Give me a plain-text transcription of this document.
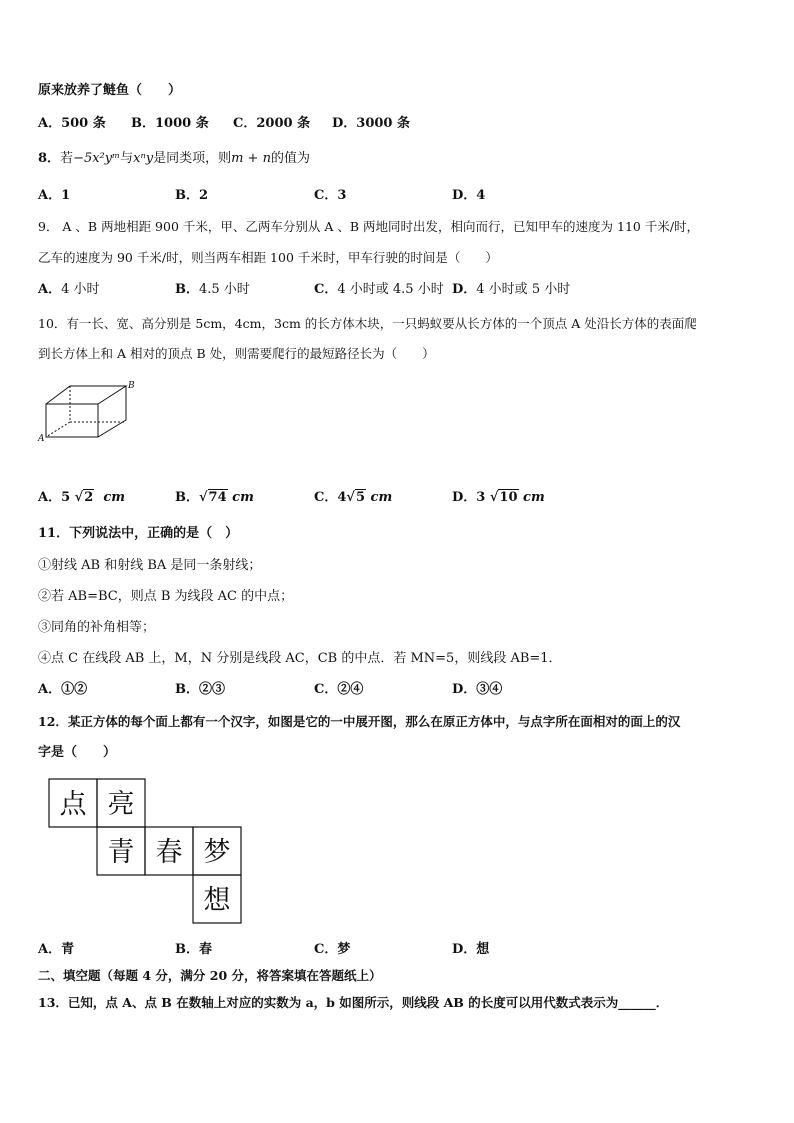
原来放养了鲢鱼（　　）
A．500 条 B．1000 条 C．2000 条 D．3000 条
8．若−5x²yᵐ与xⁿy是同类项，则m + n的值为
A．1	B．2	C．3	D．4
9． A 、B 两地相距 900 千米，甲、乙两车分别从 A 、B 两地同时出发，相向而行，已知甲车的速度为 110 千米/时，
乙车的速度为 90 千米/时，则当两车相距 100 千米时，甲车行驶的时间是（　　）
A．4 小时	B．4.5 小时	C．4 小时或 4.5 小时 D．4 小时或 5 小时
10．有一长、宽、高分别是 5cm，4cm，3cm 的长方体木块，一只蚂蚁要从长方体的一个顶点 A 处沿长方体的表面爬
到长方体上和 A 相对的顶点 B 处，则需要爬行的最短路径长为（　　）
A
B
A．5 √2 cm	B．√74 cm	C．4√5 cm	D．3 √10 cm
11．下列说法中，正确的是（　）
①射线 AB 和射线 BA 是同一条射线；
②若 AB=BC，则点 B 为线段 AC 的中点；
③同角的补角相等；
④点 C 在线段 AB 上，M，N 分别是线段 AC，CB 的中点．若 MN=5，则线段 AB=1．
A．①②	B．②③	C．②④	D．③④
12．某正方体的每个面上都有一个汉字，如图是它的一中展开图，那么在原正方体中，与点字所在面相对的面上的汉
字是（　　）
点 亮
青 春 梦
想
A．青	B．春	C．梦	D．想
二、填空题（每题 4 分，满分 20 分，将答案填在答题纸上）
13．已知，点 A、点 B 在数轴上对应的实数为 a，b 如图所示，则线段 AB 的长度可以用代数式表示为______．
